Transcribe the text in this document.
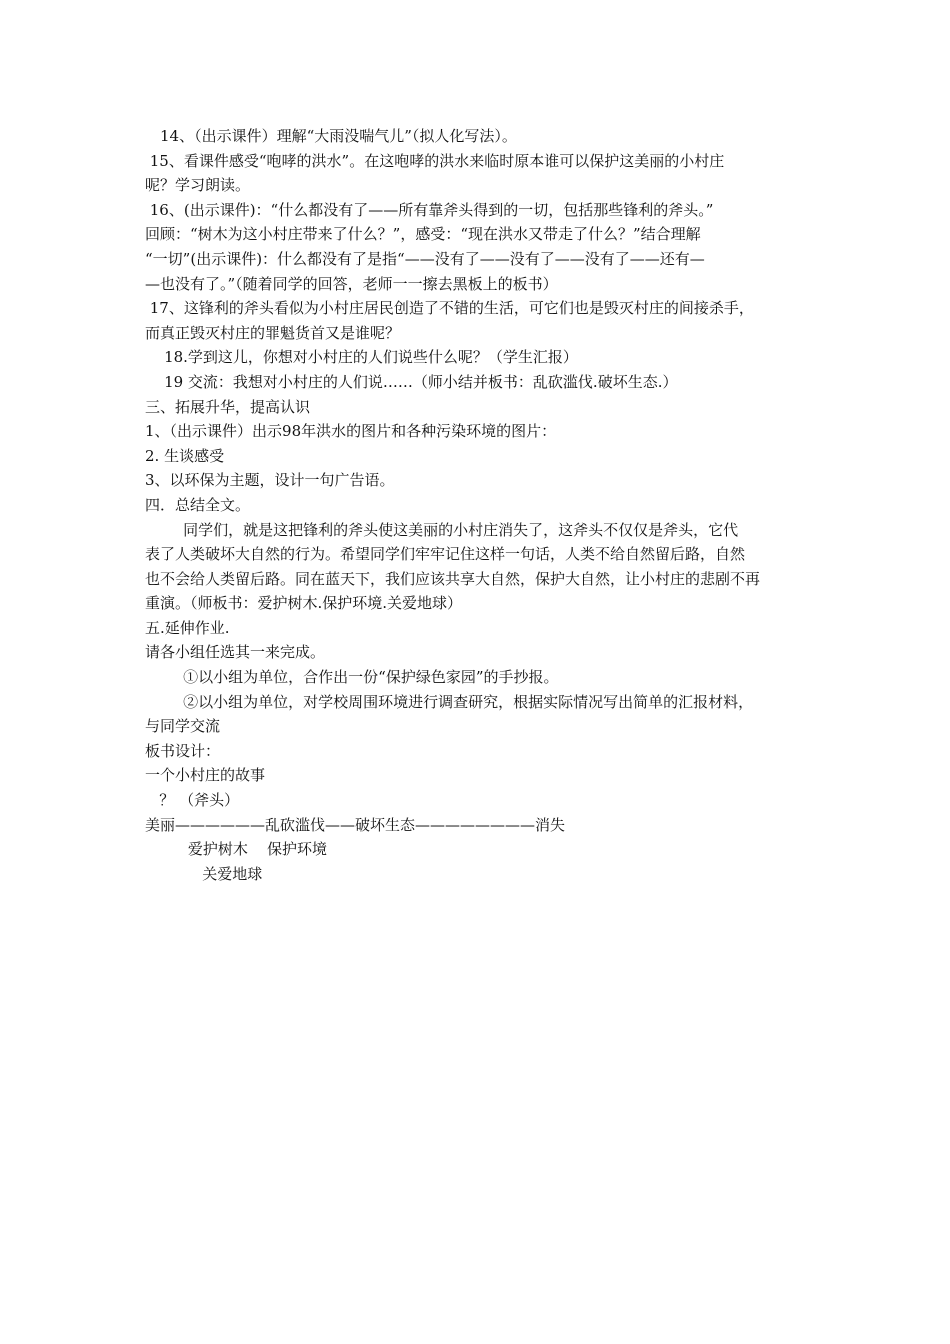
　14、（出示课件）理解“大雨没喘气儿”（拟人化写法）。

15、看课件感受“咆哮的洪水”。在这咆哮的洪水来临时原本谁可以保护这美丽的小村庄

呢？学习朗读。

16、(出示课件)：“什么都没有了——所有靠斧头得到的一切，包括那些锋利的斧头。”

回顾：“树木为这小村庄带来了什么？”，感受：“现在洪水又带走了什么？”结合理解

“一切”(出示课件)：什么都没有了是指“——没有了——没有了——没有了——还有—

—也没有了。”（随着同学的回答，老师一一擦去黑板上的板书）

17、这锋利的斧头看似为小村庄居民创造了不错的生活，可它们也是毁灭村庄的间接杀手，

而真正毁灭村庄的罪魁货首又是谁呢？

18.学到这儿，你想对小村庄的人们说些什么呢？（学生汇报）

19 交流：我想对小村庄的人们说……（师小结并板书：乱砍滥伐.破坏生态.）

三、拓展升华，提高认识

1、（出示课件）出示98年洪水的图片和各种污染环境的图片：

2. 生谈感受

3、以环保为主题，设计一句广告语。

四．总结全文。

同学们，就是这把锋利的斧头使这美丽的小村庄消失了，这斧头不仅仅是斧头，它代

表了人类破坏大自然的行为。希望同学们牢牢记住这样一句话，人类不给自然留后路，自然

也不会给人类留后路。同在蓝天下，我们应该共享大自然，保护大自然，让小村庄的悲剧不再

重演。（师板书：爱护树木.保护环境.关爱地球）

五.延伸作业.

请各小组任选其一来完成。

①以小组为单位，合作出一份“保护绿色家园”的手抄报。

②以小组为单位，对学校周围环境进行调查研究，根据实际情况写出简单的汇报材料，

与同学交流

板书设计：

一个小村庄的故事

？ （斧头）

美丽——————乱砍滥伐——破坏生态————————消失

爱护树木    保护环境

关爱地球
